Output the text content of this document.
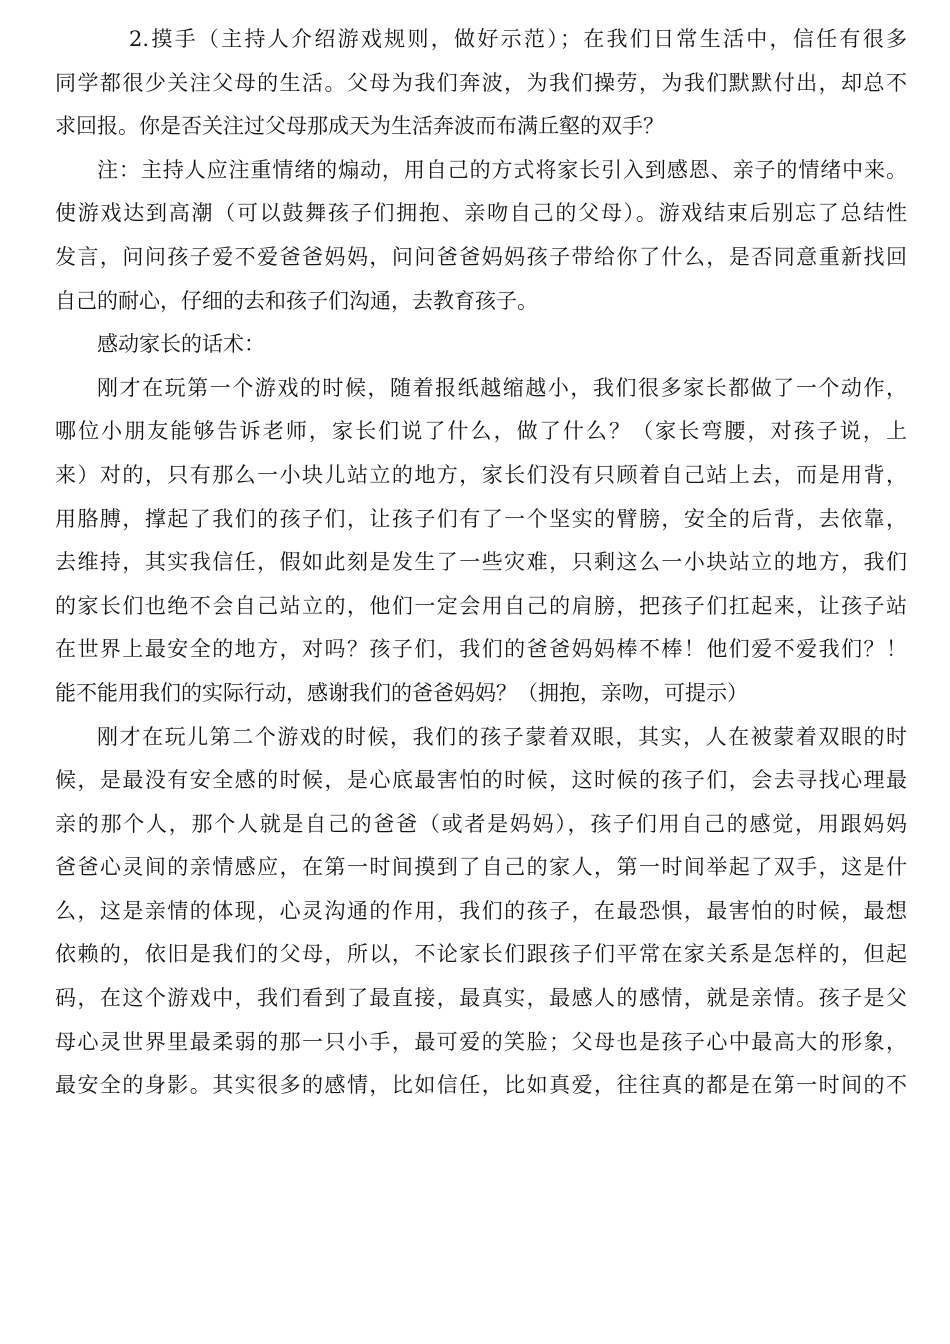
2.摸手（主持人介绍游戏规则，做好示范）；在我们日常生活中，信任有很多
同学都很少关注父母的生活。父母为我们奔波，为我们操劳，为我们默默付出，却总不
求回报。你是否关注过父母那成天为生活奔波而布满丘壑的双手？
注：主持人应注重情绪的煽动，用自己的方式将家长引入到感恩、亲子的情绪中来。
使游戏达到高潮（可以鼓舞孩子们拥抱、亲吻自己的父母）。游戏结束后别忘了总结性
发言，问问孩子爱不爱爸爸妈妈，问问爸爸妈妈孩子带给你了什么，是否同意重新找回
自己的耐心，仔细的去和孩子们沟通，去教育孩子。
感动家长的话术：
刚才在玩第一个游戏的时候，随着报纸越缩越小，我们很多家长都做了一个动作，
哪位小朋友能够告诉老师，家长们说了什么，做了什么？（家长弯腰，对孩子说，上
来）对的，只有那么一小块儿站立的地方，家长们没有只顾着自己站上去，而是用背，
用胳膊，撑起了我们的孩子们，让孩子们有了一个坚实的臂膀，安全的后背，去依靠，
去维持，其实我信任，假如此刻是发生了一些灾难，只剩这么一小块站立的地方，我们
的家长们也绝不会自己站立的，他们一定会用自己的肩膀，把孩子们扛起来，让孩子站
在世界上最安全的地方，对吗？孩子们，我们的爸爸妈妈棒不棒！他们爱不爱我们？！
能不能用我们的实际行动，感谢我们的爸爸妈妈？（拥抱，亲吻，可提示）
刚才在玩儿第二个游戏的时候，我们的孩子蒙着双眼，其实，人在被蒙着双眼的时
候，是最没有安全感的时候，是心底最害怕的时候，这时候的孩子们，会去寻找心理最
亲的那个人，那个人就是自己的爸爸（或者是妈妈），孩子们用自己的感觉，用跟妈妈
爸爸心灵间的亲情感应，在第一时间摸到了自己的家人，第一时间举起了双手，这是什
么，这是亲情的体现，心灵沟通的作用，我们的孩子，在最恐惧，最害怕的时候，最想
依赖的，依旧是我们的父母，所以，不论家长们跟孩子们平常在家关系是怎样的，但起
码，在这个游戏中，我们看到了最直接，最真实，最感人的感情，就是亲情。孩子是父
母心灵世界里最柔弱的那一只小手，最可爱的笑脸；父母也是孩子心中最高大的形象，
最安全的身影。其实很多的感情，比如信任，比如真爱，往往真的都是在第一时间的不
